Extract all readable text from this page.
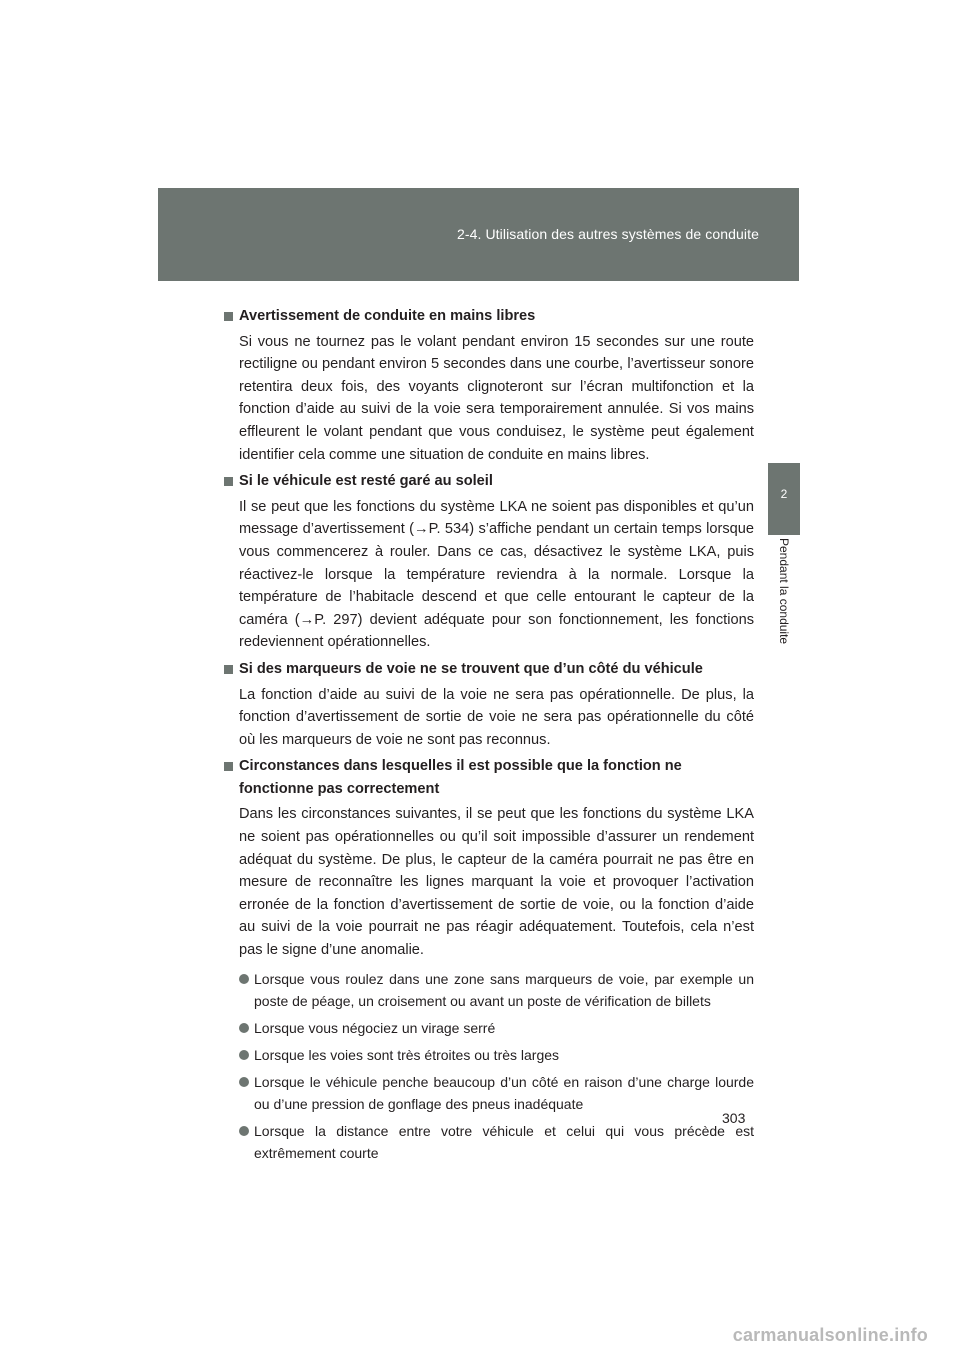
2-4. Utilisation des autres systèmes de conduite
2
Pendant la conduite
Avertissement de conduite en mains libres
Si vous ne tournez pas le volant pendant environ 15 secondes sur une route rectiligne ou pendant environ 5 secondes dans une courbe, l’avertisseur sonore retentira deux fois, des voyants clignoteront sur l’écran multifonction et la fonction d’aide au suivi de la voie sera temporairement annulée. Si vos mains effleurent le volant pendant que vous conduisez, le système peut également identifier cela comme une situation de conduite en mains libres.
Si le véhicule est resté garé au soleil
Il se peut que les fonctions du système LKA ne soient pas disponibles et qu’un message d’avertissement (→P. 534) s’affiche pendant un certain temps lorsque vous commencerez à rouler. Dans ce cas, désactivez le système LKA, puis réactivez-le lorsque la température reviendra à la normale. Lorsque la température de l’habitacle descend et que celle entourant le capteur de la caméra (→P. 297) devient adéquate pour son fonctionnement, les fonctions redeviennent opérationnelles.
Si des marqueurs de voie ne se trouvent que d’un côté du véhicule
La fonction d’aide au suivi de la voie ne sera pas opérationnelle. De plus, la fonction d’avertissement de sortie de voie ne sera pas opérationnelle du côté où les marqueurs de voie ne sont pas reconnus.
Circonstances dans lesquelles il est possible que la fonction ne fonctionne pas correctement
Dans les circonstances suivantes, il se peut que les fonctions du système LKA ne soient pas opérationnelles ou qu’il soit impossible d’assurer un rendement adéquat du système. De plus, le capteur de la caméra pourrait ne pas être en mesure de reconnaître les lignes marquant la voie et provoquer l’activation erronée de la fonction d’avertissement de sortie de voie, ou la fonction d’aide au suivi de la voie pourrait ne pas réagir adéquatement. Toutefois, cela n’est pas le signe d’une anomalie.
Lorsque vous roulez dans une zone sans marqueurs de voie, par exemple un poste de péage, un croisement ou avant un poste de vérification de billets
Lorsque vous négociez un virage serré
Lorsque les voies sont très étroites ou très larges
Lorsque le véhicule penche beaucoup d’un côté en raison d’une charge lourde ou d’une pression de gonflage des pneus inadéquate
Lorsque la distance entre votre véhicule et celui qui vous précède est extrêmement courte
303
carmanualsonline.info
